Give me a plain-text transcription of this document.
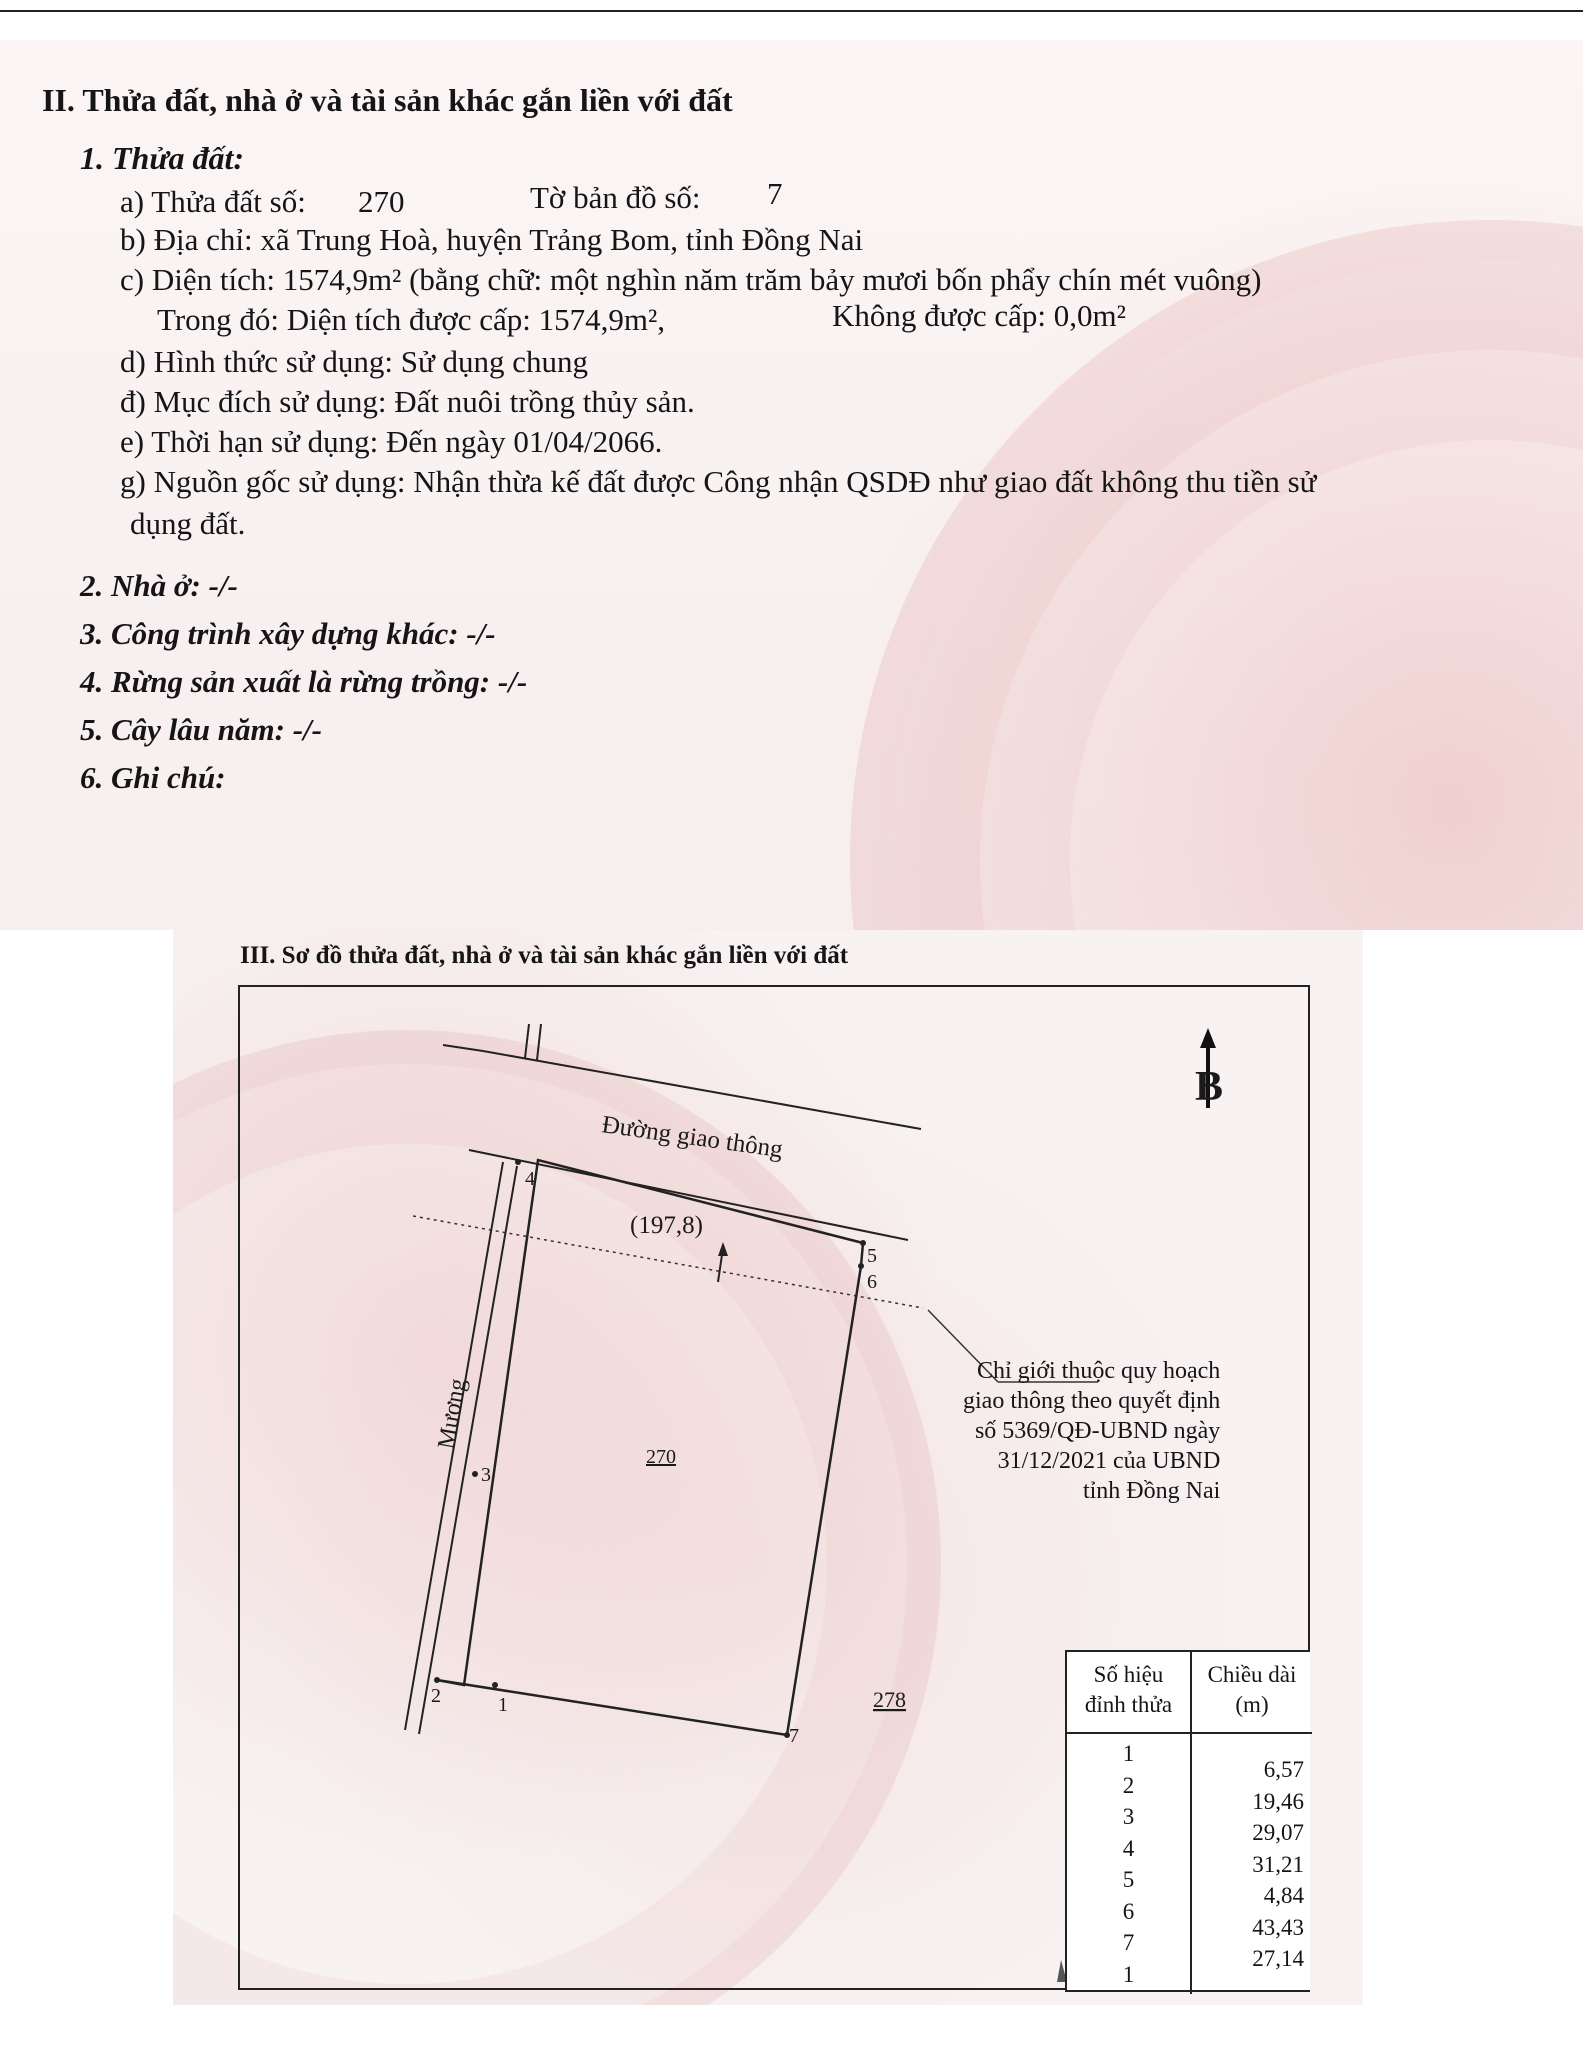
II. Thửa đất, nhà ở và tài sản khác gắn liền với đất
1. Thửa đất:
a) Thửa đất số: 270	Tờ bản đồ số: 7
b) Địa chỉ: xã Trung Hoà, huyện Trảng Bom, tỉnh Đồng Nai
c) Diện tích: 1574,9m² (bằng chữ: một nghìn năm trăm bảy mươi bốn phẩy chín mét vuông)
Trong đó: Diện tích được cấp: 1574,9m²,	Không được cấp: 0,0m²
d) Hình thức sử dụng: Sử dụng chung
đ) Mục đích sử dụng: Đất nuôi trồng thủy sản.
e) Thời hạn sử dụng: Đến ngày 01/04/2066.
g) Nguồn gốc sử dụng: Nhận thừa kế đất được Công nhận QSDĐ như giao đất không thu tiền sử
dụng đất.
2. Nhà ở: -/-
3. Công trình xây dựng khác: -/-
4. Rừng sản xuất là rừng trồng: -/-
5. Cây lâu năm: -/-
6. Ghi chú:
III. Sơ đồ thửa đất, nhà ở và tài sản khác gắn liền với đất
1
2
3
4
5
6
7
Đường giao thông
(197,8)
Mương
270
278
B
Chỉ giới thuộc quy hoạch
giao thông theo quyết định
số 5369/QĐ-UBND ngày
31/12/2021 của UBND
tỉnh Đồng Nai
Số hiệu
đỉnh thửa
Chiều dài
(m)
1
2
3
4
5
6
7
1
6,57
19,46
29,07
31,21
4,84
43,43
27,14
